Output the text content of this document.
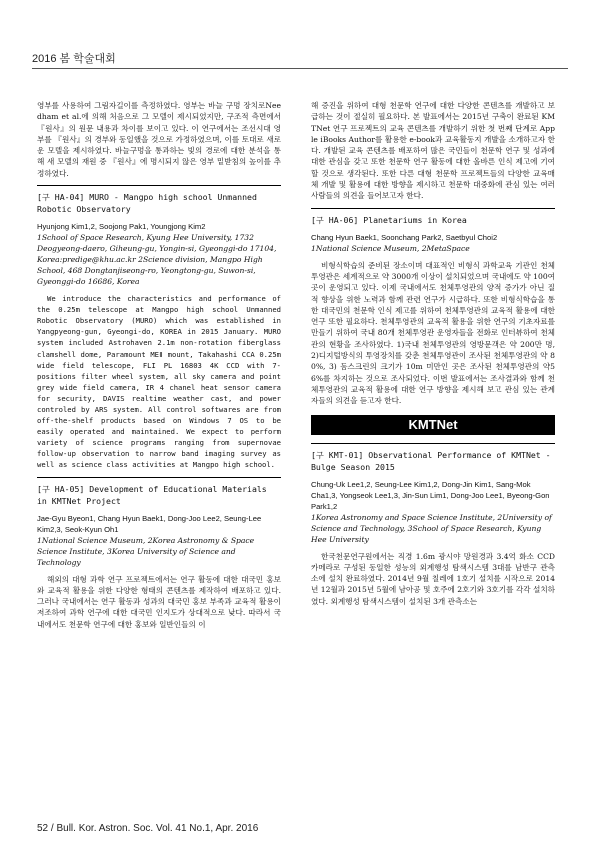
2016 봄 학술대회

영부를 사용하여 그림자길이를 측정하였다. 영부는 바늘 구멍 장치로Needham et al.에 의해 처음으로 그 모델이 제시되었지만, 구조적 측면에서 『원사』의 원문 내용과 차이를 보이고 있다. 이 연구에서는 조선시대 영부를 『원사』의 경부와 동일했을 것으로 가정하였으며, 이를 토대로 새로운 모델을 제시하였다. 바늘구멍을 통과하는 빛의 경로에 대한 분석을 통해 새 모델의 재원 중 『원사』에 명시되지 않은 영부 밑받침의 높이를 추정하였다.

[구 HA-04] MURO - Mangpo high school Unmanned Robotic Observatory
Hyunjong Kim1,2, Soojong Pak1, Youngjong Kim2
1School of Space Research, Kyung Hee University, 1732 Deogyeong-daero, Giheung-gu, Yongin-si, Gyeonggi-do 17104, Korea:predige@khu.ac.kr 2Science division, Mangpo High School, 468 Dongtanjiseong-ro, Yeongtong-gu, Suwon-si, Gyeonggi-do 16686, Korea

We introduce the characteristics and performance of the 0.25m telescope at Mangpo high school Unmanned Robotic Observatory (MURO) which was established in Yangpyeong-gun, Gyeongi-do, KOREA in 2015 January. MURO system included Astrohaven 2.1m non-rotation fiberglass clamshell dome, Paramount MEⅡ mount, Takahashi CCA 0.25m wide field telescope, FLI PL 16803 4K CCD with 7-positions filter wheel system, all sky camera and point grey wide field camera, IR 4 chanel heat sensor camera for security, DAVIS realtime weather cast, and power controled by ARS system. All control softwares are from off-the-shelf products based on Windows 7 OS to be easily operated and maintained. We expect to perform variety of science programs ranging from supernovae follow-up observation to narrow band imaging survey as well as science class activities at Mangpo high school.

[구 HA-05] Development of Educational Materials in KMTNet Project
Jae-Gyu Byeon1, Chang Hyun Baek1, Dong-Joo Lee2, Seung-Lee Kim2,3, Seok-Kyun Oh1
1National Science Museum, 2Korea Astronomy & Space Science Institute, 3Korea University of Science and Technology

해외의 대형 과학 연구 프로젝트에서는 연구 활동에 대한 대국민 홍보와 교육적 활용을 위한 다양한 형태의 콘텐츠를 제작하여 배포하고 있다. 그러나 국내에서는 연구 활동과 성과의 대국민 홍보 부족과 교육적 활용이 저조하여 과학 연구에 대한 대국민 인지도가 상대적으로 낮다. 따라서 국내에서도 천문학 연구에 대한 홍보와 일반인들의 이

해 증진을 위하여 대형 천문학 연구에 대한 다양한 콘텐츠를 개발하고 보급하는 것이 절실히 필요하다. 본 발표에서는 2015년 구축이 완료된 KMTNet 연구 프로젝트의 교육 콘텐츠를 개발하기 위한 첫 번째 단계로 Apple iBooks Author를 활용한 e-book과 교육활동지 개발을 소개하고자 한다. 개발된 교육 콘텐츠를 배포하여 많은 국민들이 천문학 연구 및 성과에 대한 관심을 갖고 또한 천문학 연구 활동에 대한 올바른 인식 제고에 기여할 것으로 생각된다. 또한 다른 대형 천문학 프로젝트들의 다양한 교육매체 개발 및 활용에 대한 방향을 제시하고 천문학 대중화에 관심 있는 여러 사람들의 의견을 들어보고자 한다.

[구 HA-06] Planetariums in Korea
Chang Hyun Baek1, Soonchang Park2, Saetbyul Choi2
1National Science Museum, 2MetaSpace

비형식학습의 준비된 장소이며 대표적인 비형식 과학교육 기관인 천체투영관은 세계적으로 약 3000개 이상이 설치되었으며 국내에도 약 100여 곳이 운영되고 있다. 이제 국내에서도 천체투영관의 양적 증가가 아닌 질적 향상을 위한 노력과 함께 관련 연구가 시급하다. 또한 비형식학습을 통한 대국민의 천문학 인식 제고를 위하여 천체투영관의 교육적 활용에 대한 연구 또한 필요하다. 천체투영관의 교육적 활용을 위한 연구의 기초자료를 만들기 위하여 국내 80개 천체투영관 운영자들을 전화로 인터뷰하여 천체관의 현황을 조사하였다. 1)국내 천체투영관의 영방문객은 약 200만 명, 2)디지털방식의 투영장치를 갖춘 천체투영관이 조사된 천체투영관의 약 80%, 3) 돔스크린의 크기가 10m 미만인 곳은 조사된 천체투영관의 약56%를 차지하는 것으로 조사되었다. 이번 발표에서는 조사결과와 함께 천체투영관의 교육적 활용에 대한 연구 방향을 제시해 보고 관심 있는 관계자들의 의견을 듣고자 한다.

KMTNet
[구 KMT-01] Observational Performance of KMTNet - Bulge Season 2015
Chung-Uk Lee1,2, Seung-Lee Kim1,2, Dong-Jin Kim1, Sang-Mok Cha1,3, Yongseok Lee1,3, Jin-Sun Lim1, Dong-Joo Lee1, Byeong-Gon Park1,2
1Korea Astronomy and Space Science Institute, 2University of Science and Technology, 3School of Space Research, Kyung Hee University

한국천문연구원에서는 직경 1.6m 광시야 망원경과 3.4억 화소 CCD 카메라로 구성된 동일한 성능의 외계행성 탐색시스템 3대를 남반구 관측소에 설치 완료하였다. 2014년 9월 칠레에 1호기 설치를 시작으로 2014년 12월과 2015년 5월에 남아공 및 호주에 2호기와 3호기를 각각 설치하였다. 외계행성 탐색시스템이 설치된 3개 관측소는

52 / Bull. Kor. Astron. Soc. Vol. 41 No.1, Apr. 2016
